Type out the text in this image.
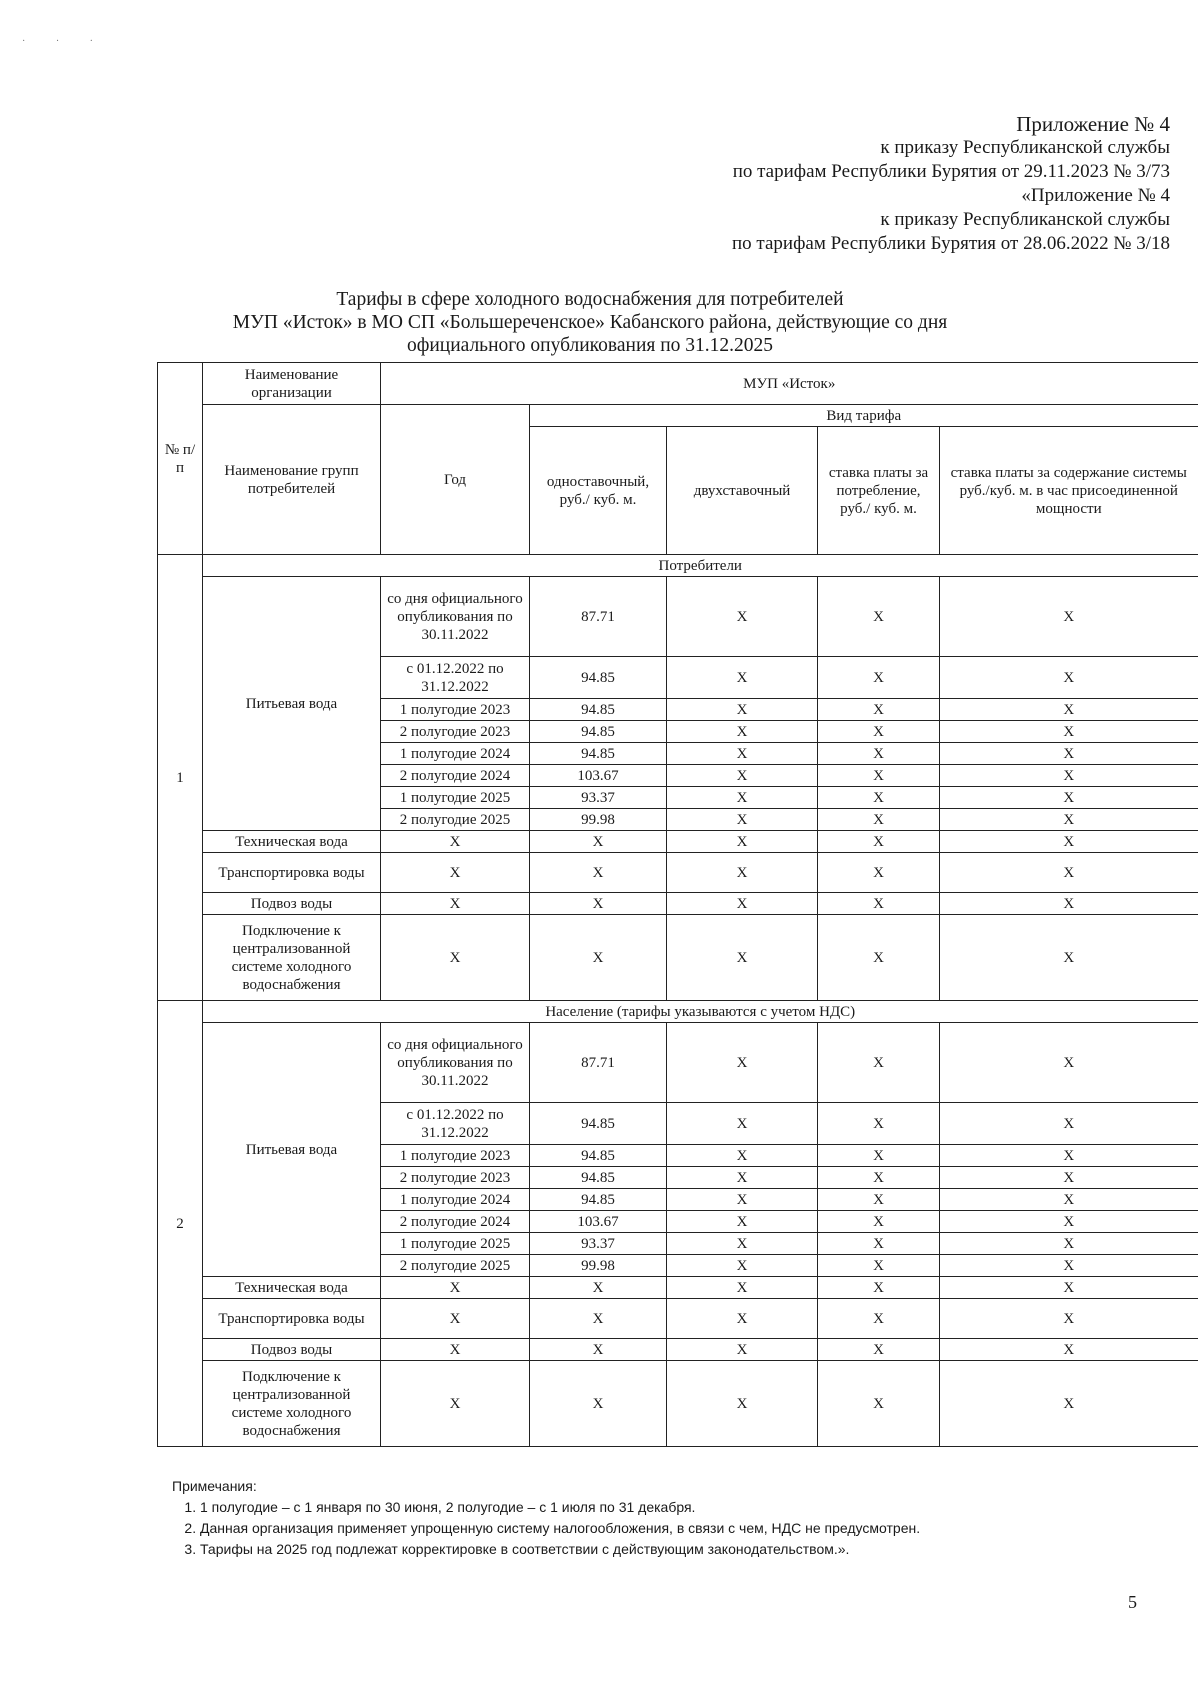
· · ·
Приложение № 4
к приказу Республиканской службы
по тарифам Республики Бурятия от 29.11.2023 № 3/73
«Приложение № 4
к приказу Республиканской службы
по тарифам Республики Бурятия от 28.06.2022 № 3/18
Тарифы в сфере холодного водоснабжения для потребителей
МУП «Исток» в МО СП «Большереченское» Кабанского района, действующие со дня
официального опубликования по 31.12.2025
№ п/п	Наименование организации	МУП «Исток»				
	Наименование групп потребителей	Год	Вид тарифа			
			одноставочный, руб./ куб. м.	двухставочный	ставка платы за потребление, руб./ куб. м.	ставка платы за содержание системы руб./куб. м. в час присоединенной мощности
1	Потребители					
	Питьевая вода	со дня официального опубликования по 30.11.2022	87.71	X	X	X
		с 01.12.2022 по 31.12.2022	94.85	X	X	X
		1 полугодие 2023	94.85	X	X	X
		2 полугодие 2023	94.85	X	X	X
		1 полугодие 2024	94.85	X	X	X
		2 полугодие 2024	103.67	X	X	X
		1 полугодие 2025	93.37	X	X	X
		2 полугодие 2025	99.98	X	X	X
	Техническая вода	X	X	X	X	X
	Транспортировка воды	X	X	X	X	X
	Подвоз воды	X	X	X	X	X
	Подключение к централизованной системе холодного водоснабжения	X	X	X	X	X
2	Население (тарифы указываются с учетом НДС)					
	Питьевая вода	со дня официального опубликования по 30.11.2022	87.71	X	X	X
		с 01.12.2022 по 31.12.2022	94.85	X	X	X
		1 полугодие 2023	94.85	X	X	X
		2 полугодие 2023	94.85	X	X	X
		1 полугодие 2024	94.85	X	X	X
		2 полугодие 2024	103.67	X	X	X
		1 полугодие 2025	93.37	X	X	X
		2 полугодие 2025	99.98	X	X	X
	Техническая вода	X	X	X	X	X
	Транспортировка воды	X	X	X	X	X
	Подвоз воды	X	X	X	X	X
	Подключение к централизованной системе холодного водоснабжения	X	X	X	X	X
Примечания:
1. 1 полугодие – с 1 января по 30 июня, 2 полугодие – с 1 июля по 31 декабря.
2. Данная организация применяет упрощенную систему налогообложения, в связи с чем, НДС не предусмотрен.
3. Тарифы на 2025 год подлежат корректировке в соответствии с действующим законодательством.».
5
